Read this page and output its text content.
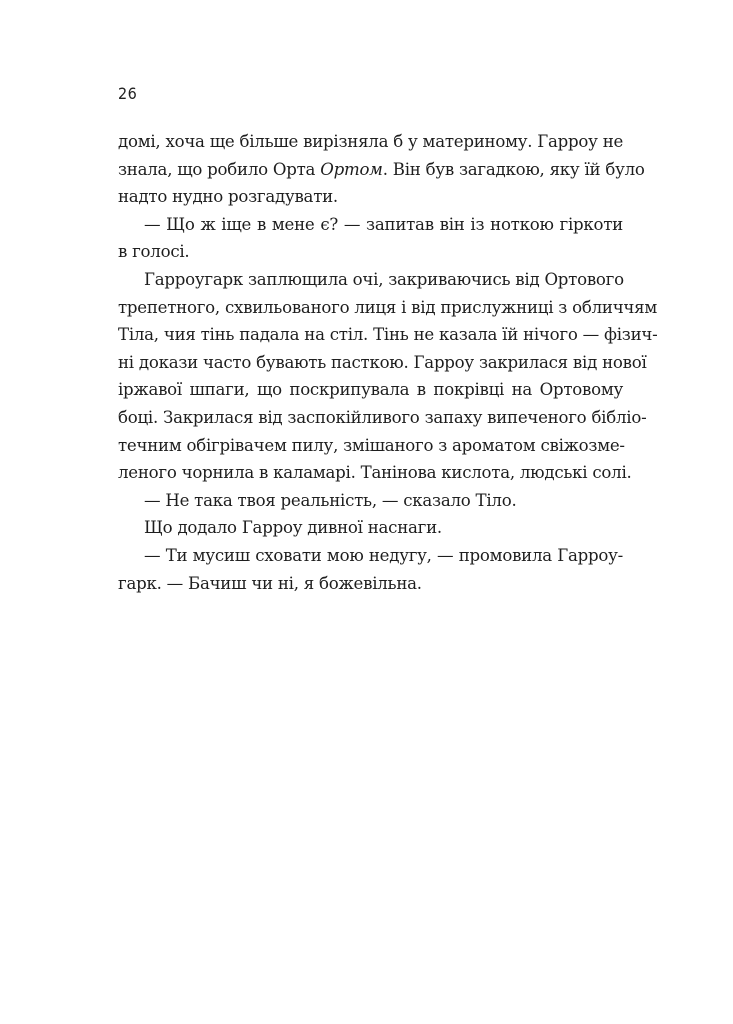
26
домі, хоча ще більше вирізняла б у материному. Гарроу не
знала, що робило Орта Ортом. Він був загадкою, яку їй було
надто нудно розгадувати.
— Що ж іще в мене є? — запитав він із ноткою гіркоти
в голосі.
Гарроугарк заплющила очі, закриваючись від Ортового
трепетного, схвильованого лиця і від прислужниці з обличчям
Тіла, чия тінь падала на стіл. Тінь не казала їй нічого — фізич-
ні докази часто бувають пасткою. Гарроу закрилася від нової
іржавої шпаги, що поскрипувала в покрівці на Ортовому
боці. Закрилася від заспокійливого запаху випеченого бібліо-
течним обігрівачем пилу, змішаного з ароматом свіжозме-
леного чорнила в каламарі. Танінова кислота, людські солі.
— Не така твоя реальність, — сказало Тіло.
Що додало Гарроу дивної наснаги.
— Ти мусиш сховати мою недугу, — промовила Гарроу-
гарк. — Бачиш чи ні, я божевільна.
